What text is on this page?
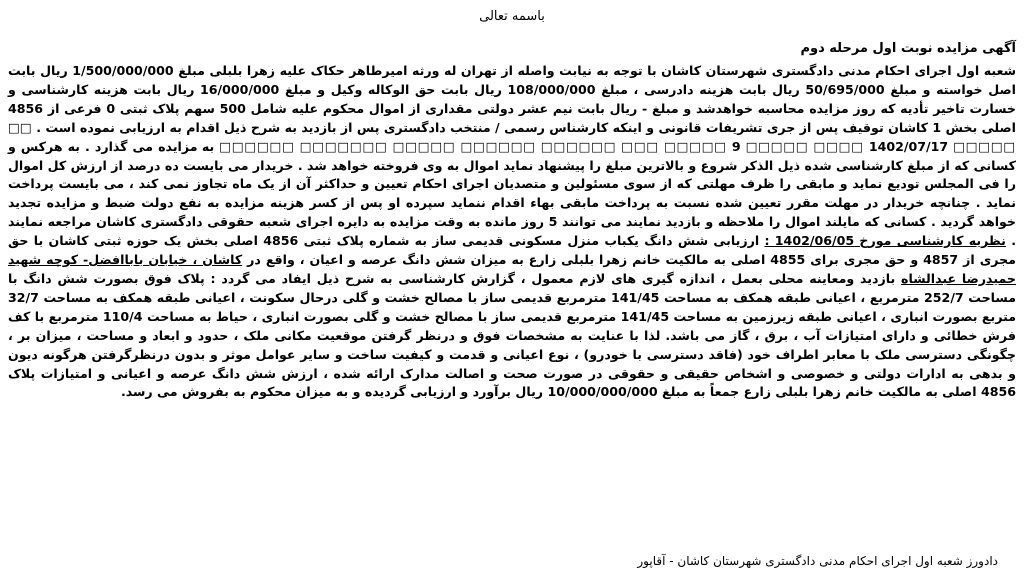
باسمه تعالی
آگهی مزایده نوبت اول مرحله دوم

شعبه اول اجرای احکام مدنی دادگستری شهرستان کاشان با توجه به نیابت واصله از تهران له ورثه امیرطاهر حکاک علیه زهرا بلبلی مبلغ 1/500/000/000 ریال بابت اصل خواسته و مبلغ 50/695/000 ریال بابت هزینه دادرسی ، مبلغ 108/000/000 ریال بابت حق الوکاله وکیل و مبلغ 16/000/000 ریال بابت هزینه کارشناسی و خسارت تاخیر تأدیه که روز مزایده محاسبه خواهدشد و مبلغ - ریال بابت نیم عشر دولتی مقداری از اموال محکوم علیه شامل 500 سهم پلاک ثبتی 0 فرعی از 4856 اصلی بخش 1 کاشان توقیف پس از جری تشریفات قانونی و اینکه کارشناس رسمی / منتخب دادگستری پس از بازدید به شرح ذیل اقدام به ارزیابی نموده است . □□ □□□□□ 1402/07/17 □□□□ □□□□□ 9 □□□□□ □□□ □□□□□□ □□□□□□ □□□□□ □□□□□□□ □□□□□□ به مزایده می گذارد . به هرکس و کسانی که از مبلغ کارشناسی شده ذیل الذکر شروع و بالاترین مبلغ را پیشنهاد نماید اموال به وی فروخته خواهد شد . خریدار می بایست ده درصد از ارزش کل اموال را فی المجلس تودیع نماید و مابقی را ظرف مهلتی که از سوی مسئولین و متصدیان اجرای احکام تعیین و حداکثر آن از یک ماه تجاوز نمی کند ، می بایست پرداخت نماید . چنانچه خریدار در مهلت مقرر تعیین شده نسبت به پرداخت مابقی بهاء اقدام ننماید سپرده او پس از کسر هزینه مزایده به نفع دولت ضبط و مزایده تجدید خواهد گردید . کسانی که مایلند اموال را ملاحظه و بازدید نمایند می توانند 5 روز مانده به وقت مزایده به دایره اجرای شعبه حقوقی دادگستری کاشان مراجعه نمایند . نظریه کارشناسی مورخ 1402/06/05 : ارزیابی شش دانگ یکباب منزل مسکونی قدیمی ساز به شماره پلاک ثبتی 4856 اصلی بخش یک حوزه ثبتی کاشان با حق مجری از 4857 و حق مجری برای 4855 اصلی به مالکیت خانم زهرا بلبلی زارع به میزان شش دانگ عرصه و اعیان ، واقع در کاشان ، خیابان باباافضل- کوچه شهید حمیدرضا عبدالشاه بازدید ومعاینه محلی بعمل ، اندازه گیری های لازم معمول ، گزارش کارشناسی به شرح ذیل ایفاد می گردد : پلاک فوق بصورت شش دانگ با مساحت 252/7 مترمربع ، اعیانی طبقه همکف به مساحت 141/45 مترمربع قدیمی ساز با مصالح خشت و گلی درحال سکونت ، اعیانی طبقه همکف به مساحت 32/7 متربع بصورت انباری ، اعیانی طبقه زیرزمین به مساحت 141/45 مترمربع قدیمی ساز با مصالح خشت و گلی بصورت انباری ، حیاط به مساحت 110/4 مترمربع با کف فرش خطائی و دارای امتیازات آب ، برق ، گاز می باشد. لذا با عنایت به مشخصات فوق و درنظر گرفتن موقعیت مکانی ملک ، حدود و ابعاد و مساحت ، میزان بر ، چگونگی دسترسی ملک با معابر اطراف خود (فاقد دسترسی با خودرو) ، نوع اعیانی و قدمت و کیفیت ساخت و سایر عوامل موثر و بدون درنظرگرفتن هرگونه دیون و بدهی به ادارات دولتی و خصوصی و اشخاص حقیقی و حقوقی در صورت صحت و اصالت مدارک ارائه شده ، ارزش شش دانگ عرصه و اعیانی و امتیازات پلاک 4856 اصلی به مالکیت خانم زهرا بلبلی زارع جمعاً به مبلغ 10/000/000/000 ریال برآورد و ارزیابی گردیده و به میزان محکوم به بفروش می رسد.

دادورز شعبه اول اجرای احکام مدنی دادگستری شهرستان کاشان - آقاپور
